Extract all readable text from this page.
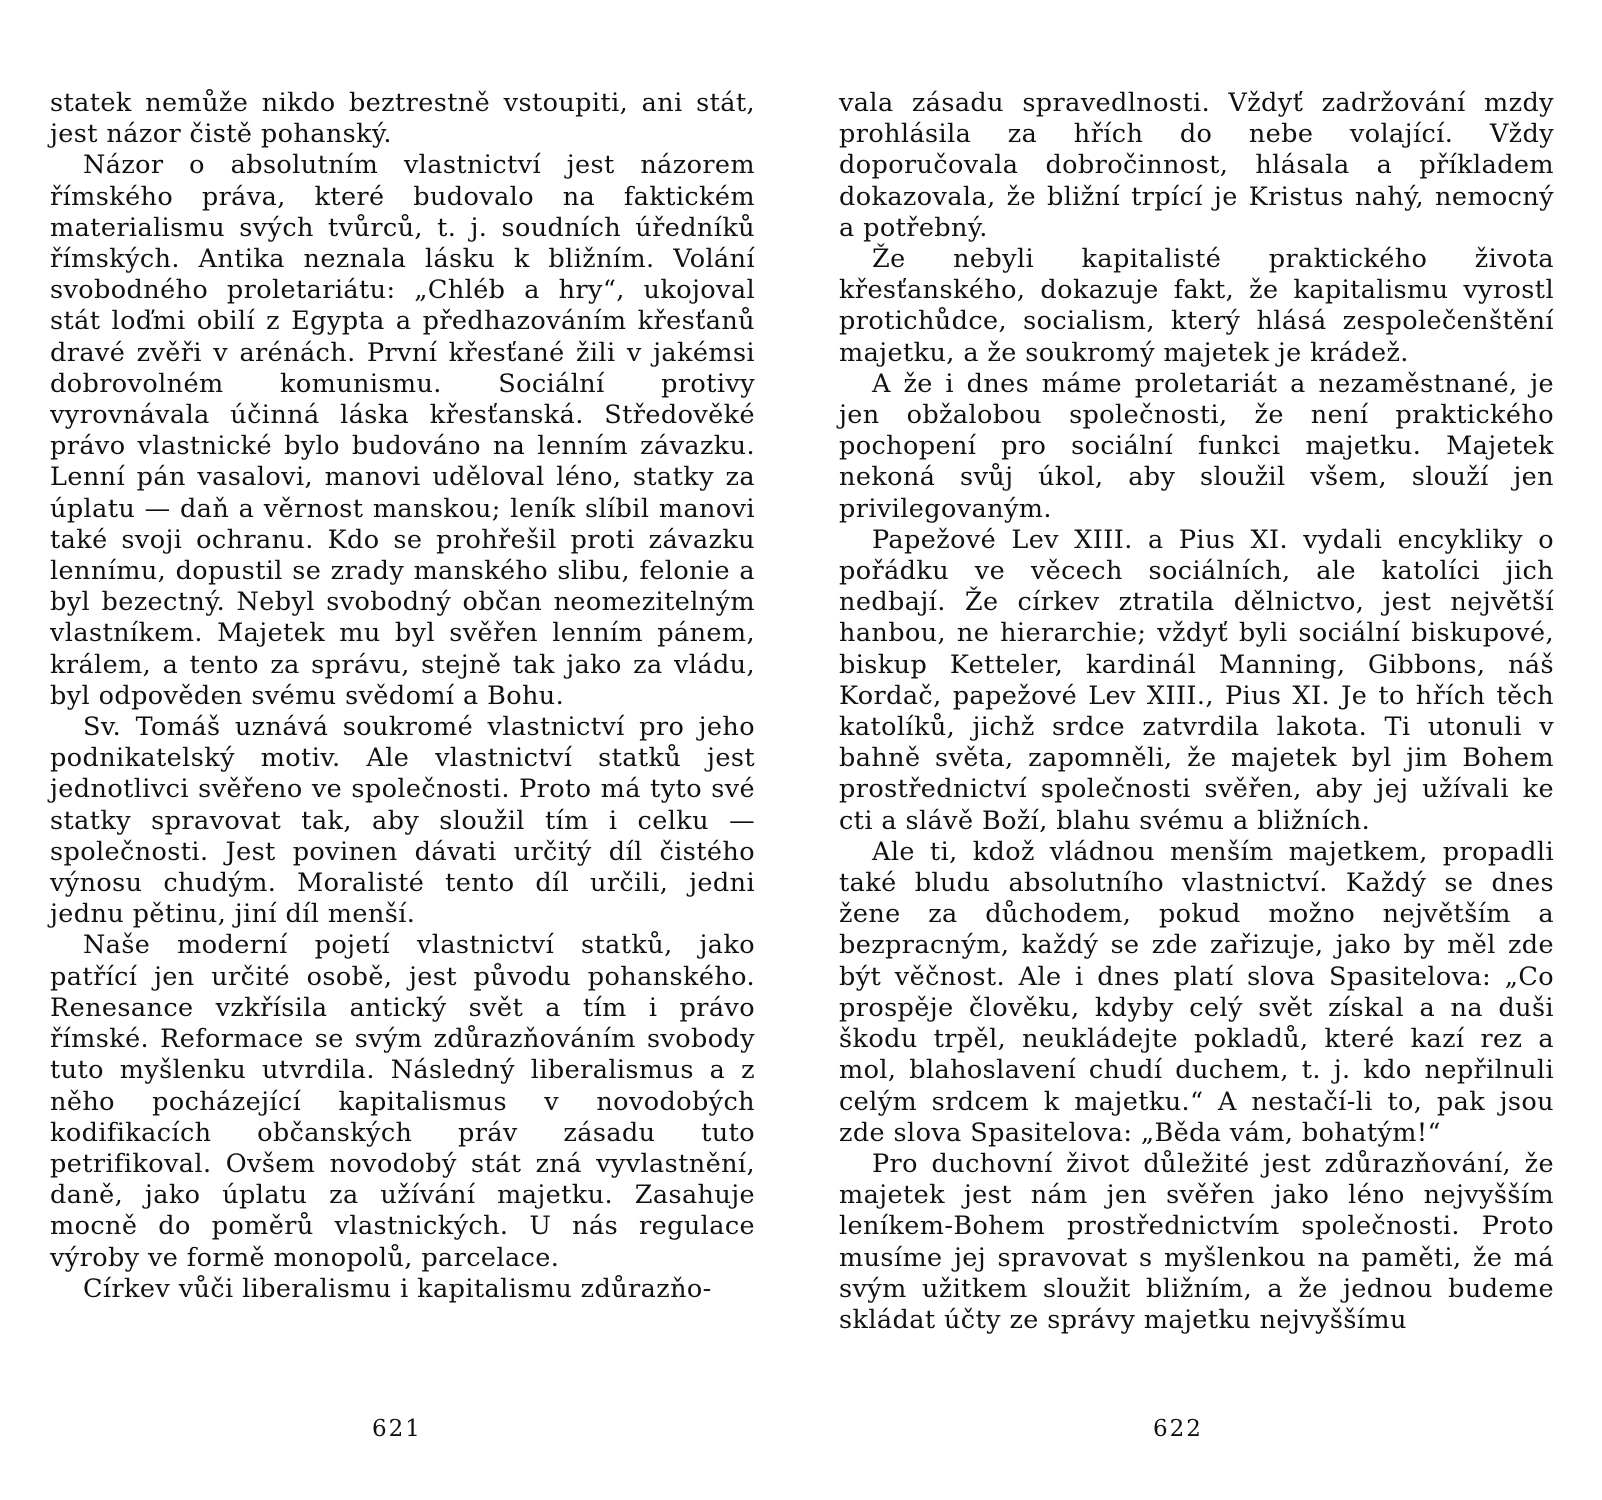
statek nemůže nikdo beztrestně vstoupiti, ani stát, jest názor čistě pohanský.

Názor o absolutním vlastnictví jest názorem římského práva, které budovalo na faktickém materialismu svých tvůrců, t. j. soudních úředníků římských. Antika neznala lásku k bližním. Volání svobodného proletariátu: „Chléb a hry“, ukojoval stát loďmi obilí z Egypta a předhazováním křesťanů dravé zvěři v arénách. První křesťané žili v jakémsi dobrovolném komunismu. Sociální protivy vyrovnávala účinná láska křesťanská. Středověké právo vlastnické bylo budováno na lenním závazku. Lenní pán vasalovi, manovi uděloval léno, statky za úplatu — daň a věrnost manskou; leník slíbil manovi také svoji ochranu. Kdo se prohřešil proti závazku lennímu, dopustil se zrady manského slibu, felonie a byl bezectný. Nebyl svobodný občan neomezitelným vlastníkem. Majetek mu byl svěřen lenním pánem, králem, a tento za správu, stejně tak jako za vládu, byl odpověden svému svědomí a Bohu.

Sv. Tomáš uznává soukromé vlastnictví pro jeho podnikatelský motiv. Ale vlastnictví statků jest jednotlivci svěřeno ve společnosti. Proto má tyto své statky spravovat tak, aby sloužil tím i celku — společnosti. Jest povinen dávati určitý díl čistého výnosu chudým. Moralisté tento díl určili, jedni jednu pětinu, jiní díl menší.

Naše moderní pojetí vlastnictví statků, jako patřící jen určité osobě, jest původu pohanského. Renesance vzkřísila antický svět a tím i právo římské. Reformace se svým zdůrazňováním svobody tuto myšlenku utvrdila. Následný liberalismus a z něho pocházející kapitalismus v novodobých kodifikacích občanských práv zásadu tuto petrifikoval. Ovšem novodobý stát zná vyvlastnění, daně, jako úplatu za užívání majetku. Zasahuje mocně do poměrů vlastnických. U nás regulace výroby ve formě monopolů, parcelace.

Církev vůči liberalismu i kapitalismu zdůrazňo-

621

vala zásadu spravedlnosti. Vždyť zadržování mzdy prohlásila za hřích do nebe volající. Vždy doporučovala dobročinnost, hlásala a příkladem dokazovala, že bližní trpící je Kristus nahý, nemocný a potřebný.

Že nebyli kapitalisté praktického života křesťanského, dokazuje fakt, že kapitalismu vyrostl protichůdce, socialism, který hlásá zespolečenštění majetku, a že soukromý majetek je krádež.

A že i dnes máme proletariát a nezaměstnané, je jen obžalobou společnosti, že není praktického pochopení pro sociální funkci majetku. Majetek nekoná svůj úkol, aby sloužil všem, slouží jen privilegovaným.

Papežové Lev XIII. a Pius XI. vydali encykliky o pořádku ve věcech sociálních, ale katolíci jich nedbají. Že církev ztratila dělnictvo, jest největší hanbou, ne hierarchie; vždyť byli sociální biskupové, biskup Ketteler, kardinál Manning, Gibbons, náš Kordač, papežové Lev XIII., Pius XI. Je to hřích těch katolíků, jichž srdce zatvrdila lakota. Ti utonuli v bahně světa, zapomněli, že majetek byl jim Bohem prostřednictví společnosti svěřen, aby jej užívali ke cti a slávě Boží, blahu svému a bližních.

Ale ti, kdož vládnou menším majetkem, propadli také bludu absolutního vlastnictví. Každý se dnes žene za důchodem, pokud možno největším a bezpracným, každý se zde zařizuje, jako by měl zde být věčnost. Ale i dnes platí slova Spasitelova: „Co prospěje člověku, kdyby celý svět získal a na duši škodu trpěl, neukládejte pokladů, které kazí rez a mol, blahoslavení chudí duchem, t. j. kdo nepřilnuli celým srdcem k majetku.“ A nestačí-li to, pak jsou zde slova Spasitelova: „Běda vám, bohatým!“

Pro duchovní život důležité jest zdůrazňování, že majetek jest nám jen svěřen jako léno nejvyšším leníkem-Bohem prostřednictvím společnosti. Proto musíme jej spravovat s myšlenkou na paměti, že má svým užitkem sloužit bližním, a že jednou budeme skládat účty ze správy majetku nejvyššímu

622
